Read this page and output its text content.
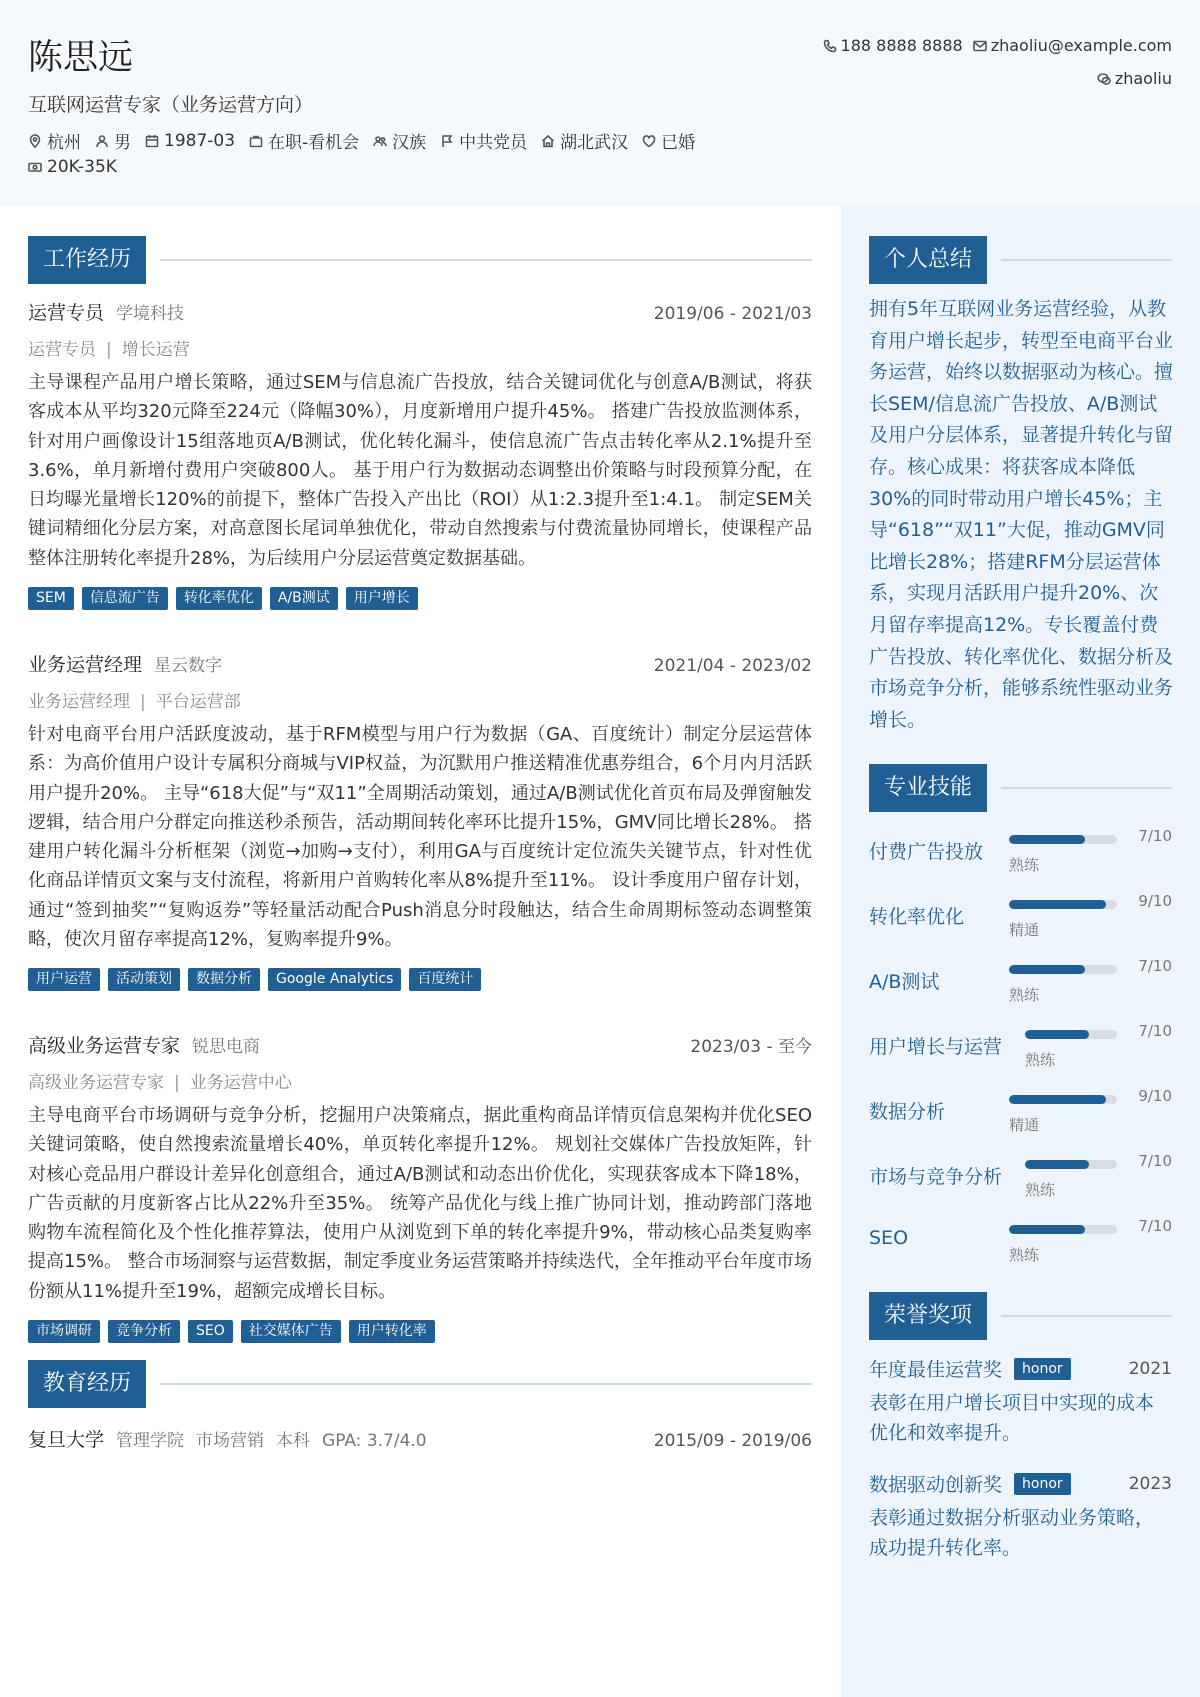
陈思远
互联网运营专家（业务运营方向）
杭州 男 1987-03 在职-看机会 汉族 中共党员 湖北武汉 已婚
20K-35K
188 8888 8888 zhaoliu@example.com
zhaoliu
工作经历
运营专员 学境科技	2019/06 - 2021/03
运营专员 | 增长运营
主导课程产品用户增长策略，通过SEM与信息流广告投放，结合关键词优化与创意A/B测试，将获客成本从平均320元降至224元（降幅30%），月度新增用户提升45%。 搭建广告投放监测体系，针对用户画像设计15组落地页A/B测试，优化转化漏斗，使信息流广告点击转化率从2.1%提升至3.6%，单月新增付费用户突破800人。 基于用户行为数据动态调整出价策略与时段预算分配，在日均曝光量增长120%的前提下，整体广告投入产出比（ROI）从1:2.3提升至1:4.1。 制定SEM关键词精细化分层方案，对高意图长尾词单独优化，带动自然搜索与付费流量协同增长，使课程产品整体注册转化率提升28%，为后续用户分层运营奠定数据基础。
SEM	信息流广告	转化率优化	A/B测试	用户增长
业务运营经理 星云数字	2021/04 - 2023/02
业务运营经理 | 平台运营部
针对电商平台用户活跃度波动，基于RFM模型与用户行为数据（GA、百度统计）制定分层运营体系：为高价值用户设计专属积分商城与VIP权益，为沉默用户推送精准优惠券组合，6个月内月活跃用户提升20%。 主导“618大促”与“双11”全周期活动策划，通过A/B测试优化首页布局及弹窗触发逻辑，结合用户分群定向推送秒杀预告，活动期间转化率环比提升15%，GMV同比增长28%。 搭建用户转化漏斗分析框架（浏览→加购→支付），利用GA与百度统计定位流失关键节点，针对性优化商品详情页文案与支付流程，将新用户首购转化率从8%提升至11%。 设计季度用户留存计划，通过“签到抽奖”“复购返券”等轻量活动配合Push消息分时段触达，结合生命周期标签动态调整策略，使次月留存率提高12%，复购率提升9%。
用户运营	活动策划	数据分析	Google Analytics	百度统计
高级业务运营专家 锐思电商	2023/03 - 至今
高级业务运营专家 | 业务运营中心
主导电商平台市场调研与竞争分析，挖掘用户决策痛点，据此重构商品详情页信息架构并优化SEO关键词策略，使自然搜索流量增长40%，单页转化率提升12%。 规划社交媒体广告投放矩阵，针对核心竞品用户群设计差异化创意组合，通过A/B测试和动态出价优化，实现获客成本下降18%，广告贡献的月度新客占比从22%升至35%。 统筹产品优化与线上推广协同计划，推动跨部门落地购物车流程简化及个性化推荐算法，使用户从浏览到下单的转化率提升9%，带动核心品类复购率提高15%。 整合市场洞察与运营数据，制定季度业务运营策略并持续迭代，全年推动平台年度市场份额从11%提升至19%，超额完成增长目标。
市场调研	竞争分析	SEO	社交媒体广告	用户转化率
教育经历
复旦大学 管理学院 市场营销 本科 GPA: 3.7/4.0	2015/09 - 2019/06
个人总结
拥有5年互联网业务运营经验，从教育用户增长起步，转型至电商平台业务运营，始终以数据驱动为核心。擅长SEM/信息流广告投放、A/B测试及用户分层体系，显著提升转化与留存。核心成果：将获客成本降低30%的同时带动用户增长45%；主导“618”“双11”大促，推动GMV同比增长28%；搭建RFM分层运营体系，实现月活跃用户提升20%、次月留存率提高12%。专长覆盖付费广告投放、转化率优化、数据分析及市场竞争分析，能够系统性驱动业务增长。
专业技能
付费广告投放
7/10
熟练
转化率优化
9/10
精通
A/B测试
7/10
熟练
用户增长与运营
7/10
熟练
数据分析
9/10
精通
市场与竞争分析
7/10
熟练
SEO
7/10
熟练
荣誉奖项
年度最佳运营奖	honor	2021
表彰在用户增长项目中实现的成本优化和效率提升。
数据驱动创新奖	honor	2023
表彰通过数据分析驱动业务策略，成功提升转化率。
